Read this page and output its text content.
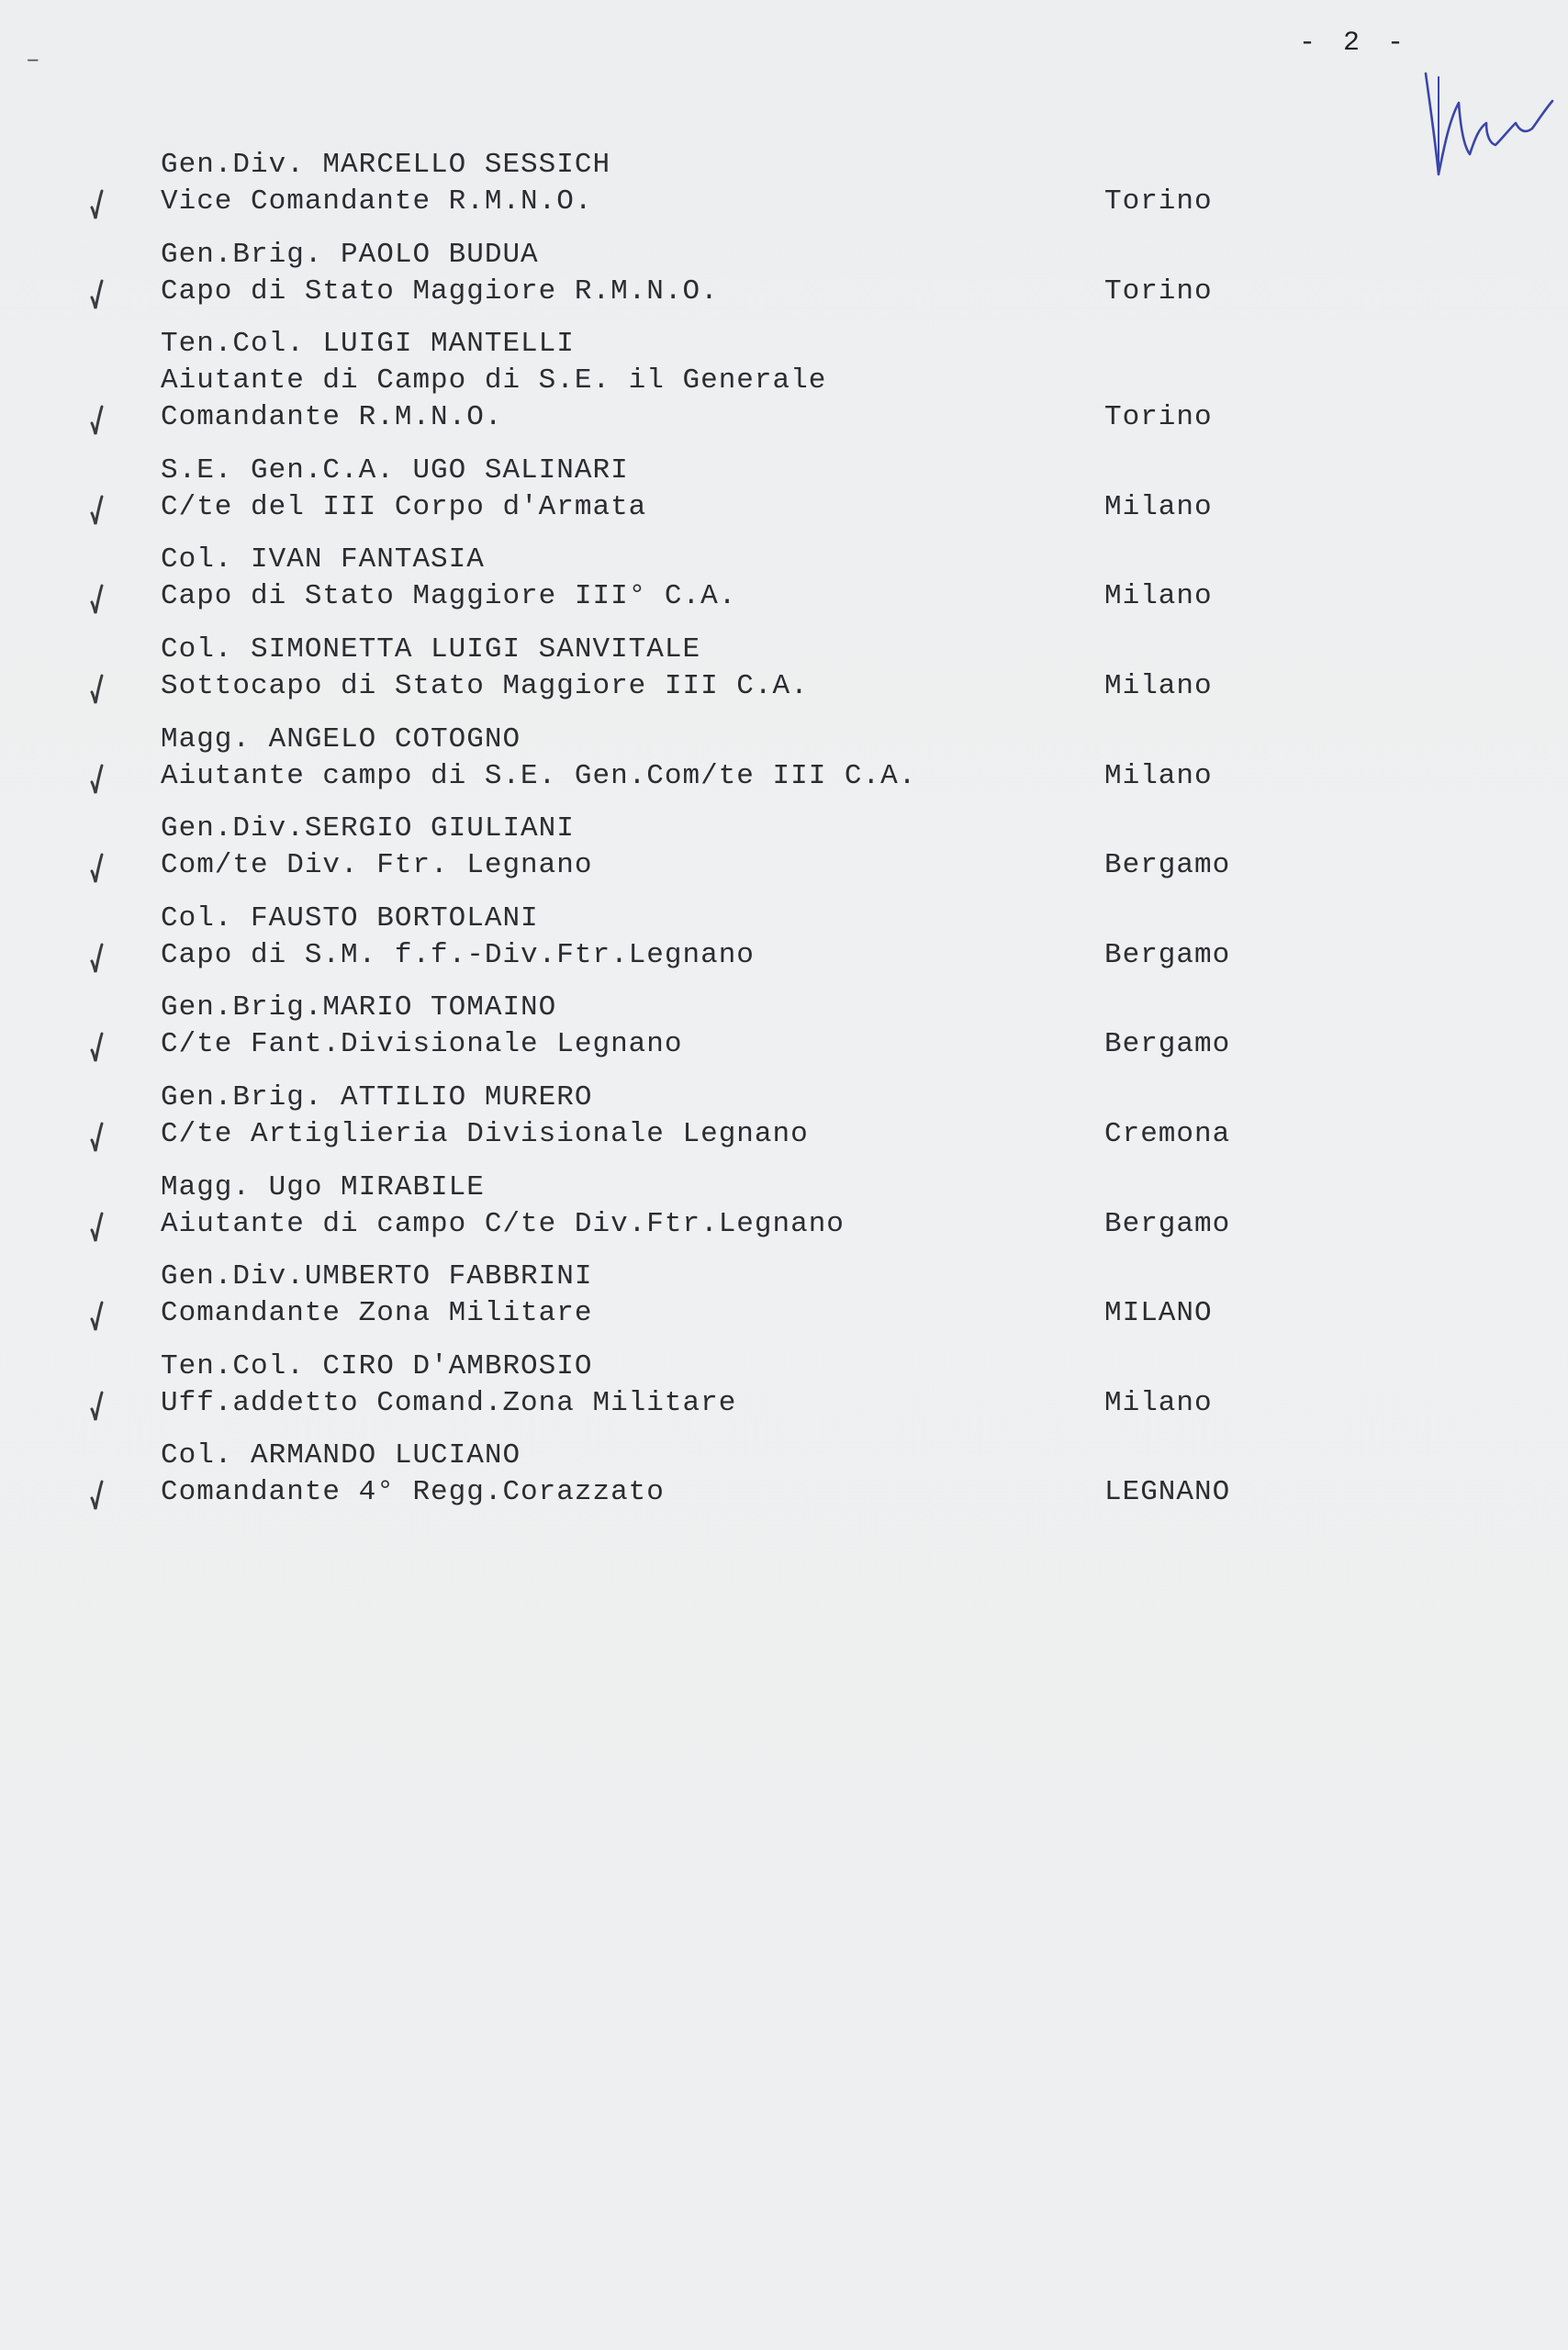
- 2 -
‒
Gen.Div. MARCELLO SESSICH
Vice Comandante R.M.N.O.	Torino
Gen.Brig. PAOLO BUDUA
Capo di Stato Maggiore R.M.N.O.	Torino
Ten.Col. LUIGI MANTELLI
Aiutante di Campo di S.E. il Generale
Comandante R.M.N.O.	Torino
S.E. Gen.C.A. UGO SALINARI
C/te del III Corpo d'Armata	Milano
Col. IVAN FANTASIA
Capo di Stato Maggiore III° C.A.	Milano
Col. SIMONETTA LUIGI SANVITALE
Sottocapo di Stato Maggiore III C.A.	Milano
Magg. ANGELO COTOGNO
Aiutante campo di S.E. Gen.Com/te III C.A.	Milano
Gen.Div.SERGIO GIULIANI
Com/te Div. Ftr. Legnano	Bergamo
Col. FAUSTO BORTOLANI
Capo di S.M. f.f.-Div.Ftr.Legnano	Bergamo
Gen.Brig.MARIO TOMAINO
C/te Fant.Divisionale Legnano	Bergamo
Gen.Brig. ATTILIO MURERO
C/te Artiglieria Divisionale Legnano	Cremona
Magg. Ugo MIRABILE
Aiutante di campo C/te Div.Ftr.Legnano	Bergamo
Gen.Div.UMBERTO FABBRINI
Comandante Zona Militare	MILANO
Ten.Col. CIRO D'AMBROSIO
Uff.addetto Comand.Zona Militare	Milano
Col. ARMANDO LUCIANO
Comandante 4° Regg.Corazzato	LEGNANO
